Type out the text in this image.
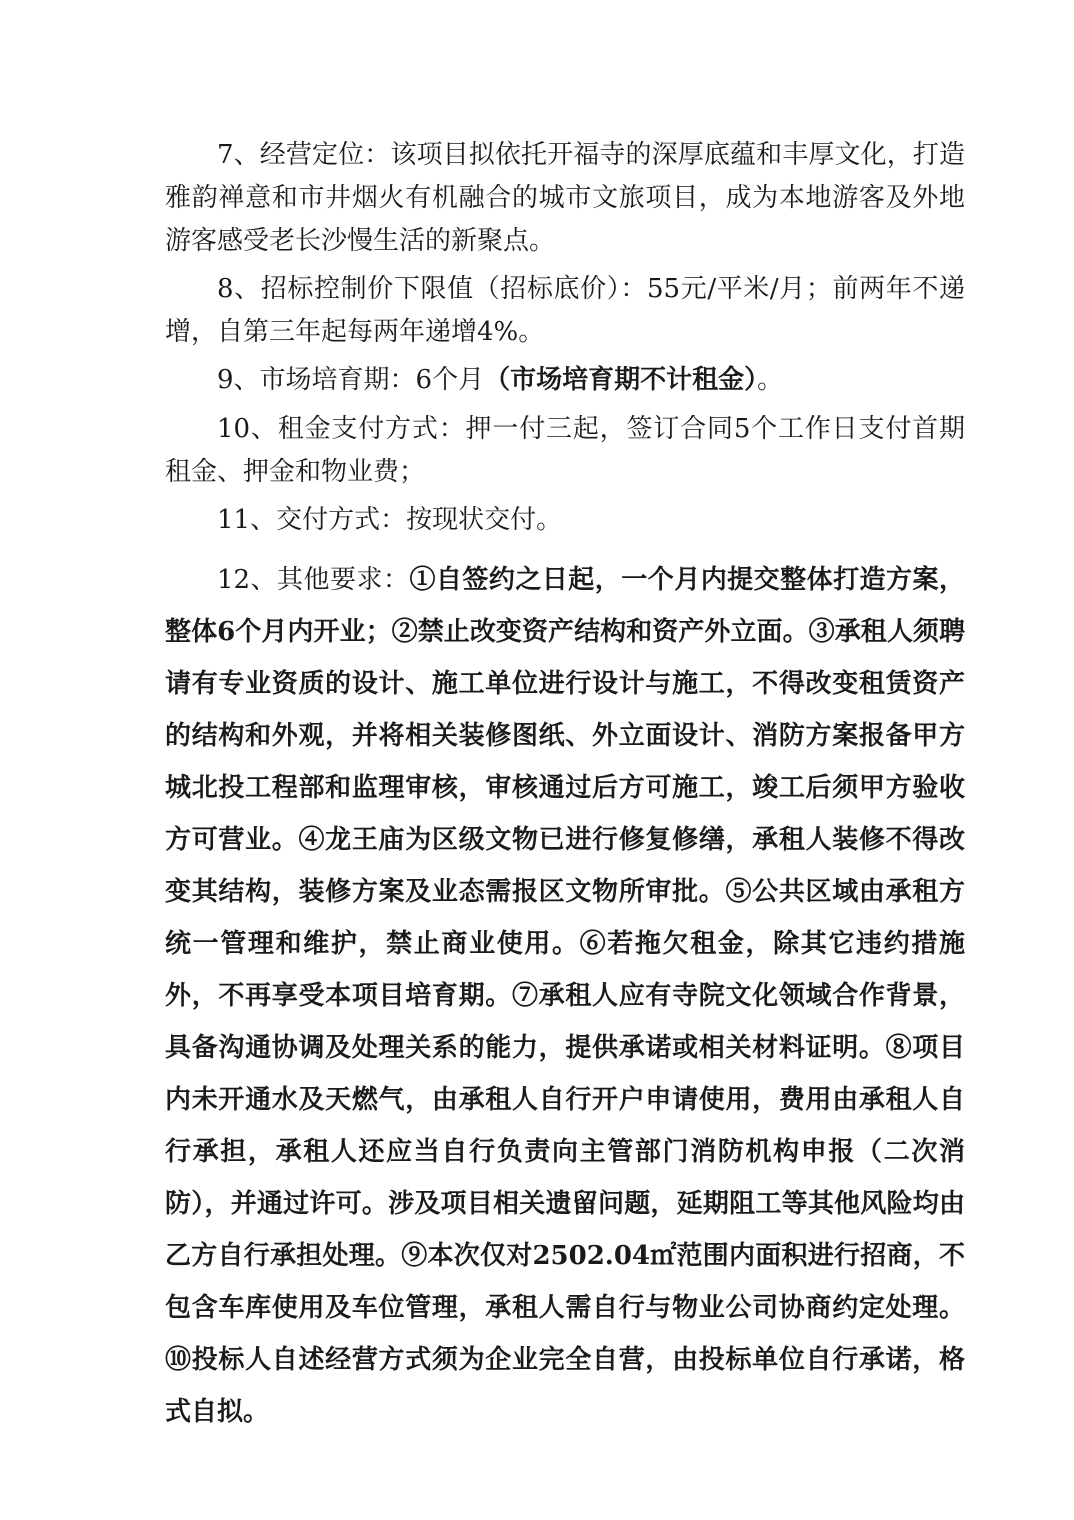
7、经营定位：该项目拟依托开福寺的深厚底蕴和丰厚文化，打造雅韵禅意和市井烟火有机融合的城市文旅项目，成为本地游客及外地游客感受老长沙慢生活的新聚点。

8、招标控制价下限值（招标底价）：55元/平米/月；前两年不递增，自第三年起每两年递增4%。

9、市场培育期：6个月（市场培育期不计租金）。

10、租金支付方式：押一付三起，签订合同5个工作日支付首期租金、押金和物业费；

11、交付方式：按现状交付。

12、其他要求：①自签约之日起，一个月内提交整体打造方案，整体6个月内开业；②禁止改变资产结构和资产外立面。③承租人须聘请有专业资质的设计、施工单位进行设计与施工，不得改变租赁资产的结构和外观，并将相关装修图纸、外立面设计、消防方案报备甲方城北投工程部和监理审核，审核通过后方可施工，竣工后须甲方验收方可营业。④龙王庙为区级文物已进行修复修缮，承租人装修不得改变其结构，装修方案及业态需报区文物所审批。⑤公共区域由承租方统一管理和维护，禁止商业使用。⑥若拖欠租金，除其它违约措施外，不再享受本项目培育期。⑦承租人应有寺院文化领域合作背景，具备沟通协调及处理关系的能力，提供承诺或相关材料证明。⑧项目内未开通水及天燃气，由承租人自行开户申请使用，费用由承租人自行承担，承租人还应当自行负责向主管部门消防机构申报（二次消防），并通过许可。涉及项目相关遗留问题，延期阻工等其他风险均由乙方自行承担处理。⑨本次仅对2502.04㎡范围内面积进行招商，不包含车库使用及车位管理，承租人需自行与物业公司协商约定处理。⑩投标人自述经营方式须为企业完全自营，由投标单位自行承诺，格式自拟。
